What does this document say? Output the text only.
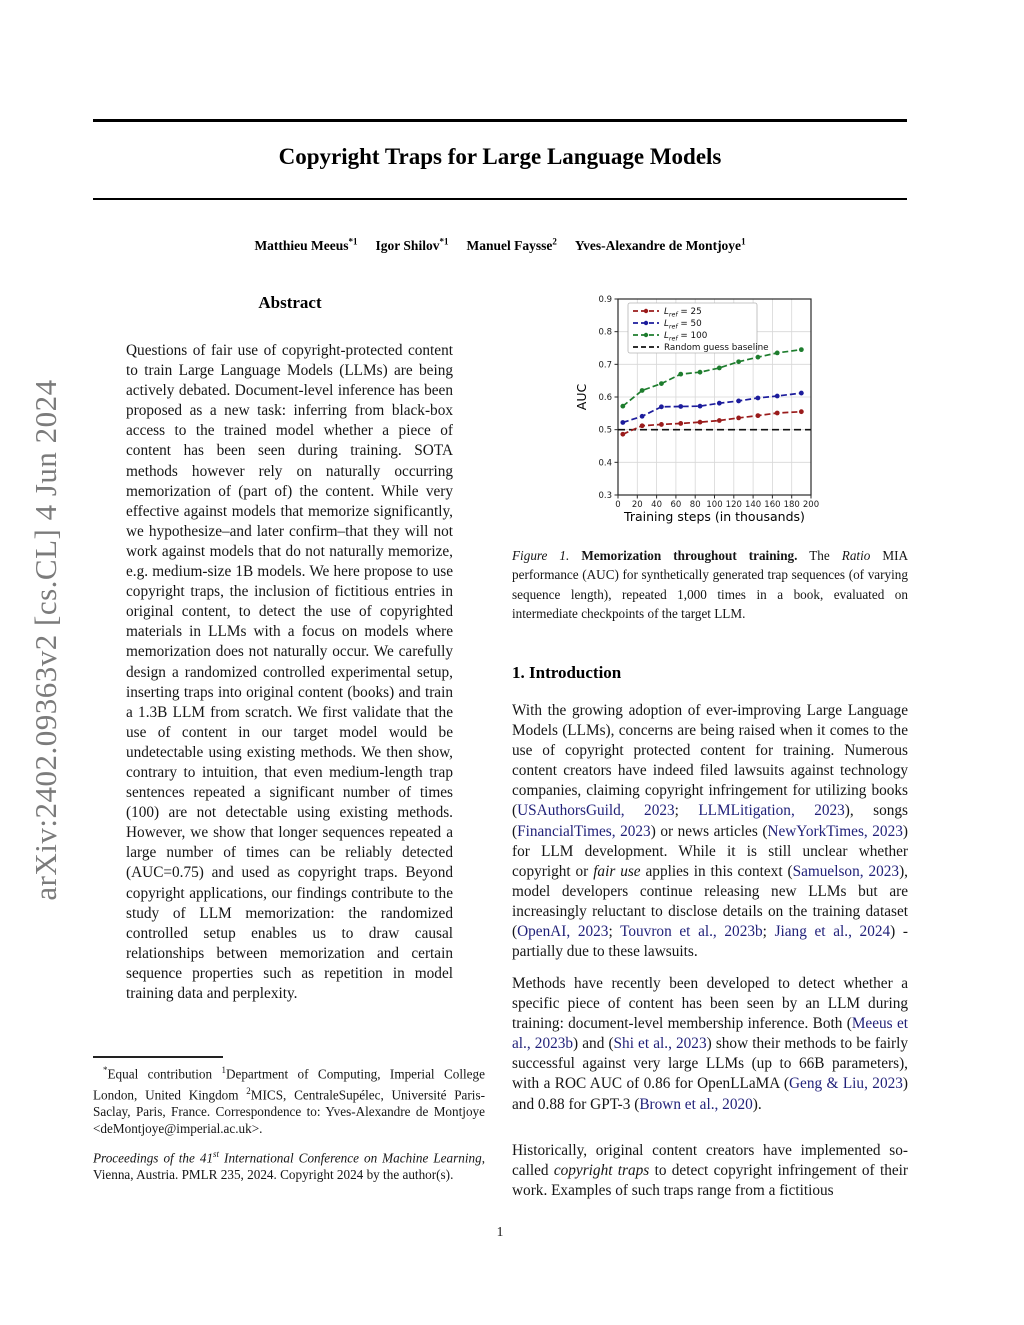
arXiv:2402.09363v2 [cs.CL] 4 Jun 2024
Copyright Traps for Large Language Models
Matthieu Meeus$^{*1}$ Igor Shilov$^{*1}$ Manuel Faysse$^2$ Yves-Alexandre de Montjoye$^1$
Abstract

Questions of fair use of copyright-protected content to train Large Language Models (LLMs) are being actively debated. Document-level inference has been proposed as a new task: inferring from black-box access to the trained model whether a piece of content has been seen during training. SOTA methods however rely on naturally occurring memorization of (part of) the content. While very effective against models that memorize significantly, we hypothesize–and later confirm–that they will not work against models that do not naturally memorize, e.g. medium-size 1B models. We here propose to use copyright traps, the inclusion of fictitious entries in original content, to detect the use of copyrighted materials in LLMs with a focus on models where memorization does not naturally occur. We carefully design a randomized controlled experimental setup, inserting traps into original content (books) and train a 1.3B LLM from scratch. We first validate that the use of content in our target model would be undetectable using existing methods. We then show, contrary to intuition, that even medium-length trap sentences repeated a significant number of times (100) are not detectable using existing methods. However, we show that longer sequences repeated a large number of times can be reliably detected (AUC=0.75) and used as copyright traps. Beyond copyright applications, our findings contribute to the study of LLM memorization: the randomized controlled setup enables us to draw causal relationships between memorization and certain sequence properties such as repetition in model training data and perplexity.

*Equal contribution $^1$Department of Computing, Imperial College London, United Kingdom $^2$MICS, CentraleSupélec, Université Paris-Saclay, Paris, France. Correspondence to: Yves-Alexandre de Montjoye <deMontjoye@imperial.ac.uk>.

Proceedings of the 41st International Conference on Machine Learning, Vienna, Austria. PMLR 235, 2024. Copyright 2024 by the author(s).

0 20 40 60 80 100 120 140 160 180 200
0.3
0.4
0.5
0.6
0.7
0.8
0.9
Training steps (in thousands)
AUC
$L_{ref} = 25$
$L_{ref} = 50$
$L_{ref} = 100$
Random guess baseline

Figure 1. Memorization throughout training. The Ratio MIA performance (AUC) for synthetically generated trap sequences (of varying sequence length), repeated 1,000 times in a book, evaluated on intermediate checkpoints of the target LLM.

1. Introduction

With the growing adoption of ever-improving Large Language Models (LLMs), concerns are being raised when it comes to the use of copyright protected content for training. Numerous content creators have indeed filed lawsuits against technology companies, claiming copyright infringement for utilizing books (USAuthorsGuild, 2023; LLMLitigation, 2023), songs (FinancialTimes, 2023) or news articles (NewYorkTimes, 2023) for LLM development. While it is still unclear whether copyright or fair use applies in this context (Samuelson, 2023), model developers continue releasing new LLMs but are increasingly reluctant to disclose details on the training dataset (OpenAI, 2023; Touvron et al., 2023b; Jiang et al., 2024) - partially due to these lawsuits.

Methods have recently been developed to detect whether a specific piece of content has been seen by an LLM during training: document-level membership inference. Both (Meeus et al., 2023b) and (Shi et al., 2023) show their methods to be fairly successful against very large LLMs (up to 66B parameters), with a ROC AUC of 0.86 for OpenLLaMA (Geng & Liu, 2023) and 0.88 for GPT-3 (Brown et al., 2020).

Historically, original content creators have implemented so-called copyright traps to detect copyright infringement of their work. Examples of such traps range from a fictitious

1
